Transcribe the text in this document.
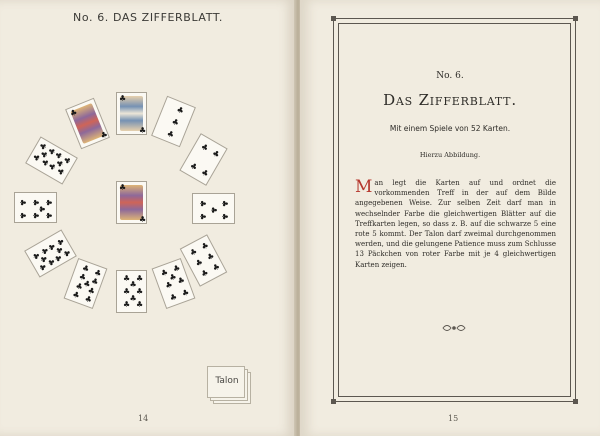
No. 6. DAS ZIFFERBLATT.
♣
♣
♣
♣
♣
♣
♣
♣
♣
♣
♣
♣
♣
♣
♣
♣
♣
♣
♣
♣
♣ ♣
♣
♣ ♣
♣ ♣
♣ ♣
♣
♣ ♣
♣
♣ ♣
♣ ♣
♣ ♣
♣
♣ ♣
♣ ♣
♣
♣
♣
♣
♣
♣
♣
♣
♣
♣
♣
♣
♣
♣
♣
♣
♣
♣
♣
♣
♣
♣
♣
♣
♣
♣
♣
♣
♣
♣
♣
Talon
14
No. 6.
Das Zifferblatt.
Mit einem Spiele von 52 Karten.
Hierzu Abbildung.
Man legt die Karten auf und ordnet die vorkommenden Treff in der auf dem Bilde angegebenen Weise. Zur selben Zeit darf man in wechselnder Farbe die gleichwertigen Blätter auf die Treffkarten legen, so dass z. B. auf die schwarze 5 eine rote 5 kommt. Der Talon darf zweimal durchgenommen werden, und die gelungene Patience muss zum Schlusse 13 Päckchen von roter Farbe mit je 4 gleichwertigen Karten zeigen.
15
